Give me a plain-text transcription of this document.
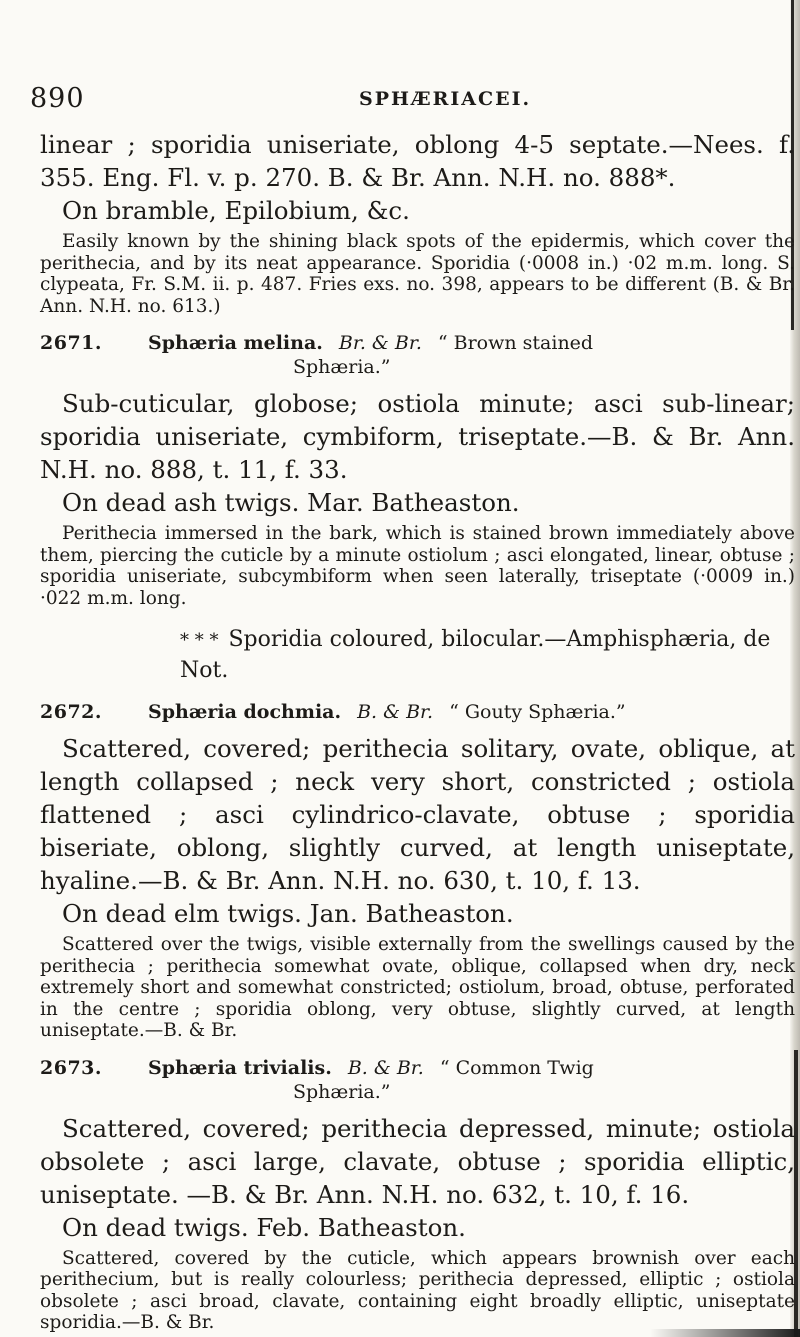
890	SPHÆRIACEI.

linear ; sporidia uniseriate, oblong 4-5 septate.—Nees. f. 355. Eng. Fl. v. p. 270. B. & Br. Ann. N.H. no. 888*.

On bramble, Epilobium, &c.

Easily known by the shining black spots of the epidermis, which cover the perithecia, and by its neat appearance. Sporidia (·0008 in.) ·02 m.m. long. S. clypeata, Fr. S.M. ii. p. 487. Fries exs. no. 398, appears to be different (B. & Br. Ann. N.H. no. 613.)

2671. Sphæria melina. Br. & Br. “ Brown stained
Sphæria.”

Sub-cuticular, globose; ostiola minute; asci sub-linear; sporidia uniseriate, cymbiform, triseptate.—B. & Br. Ann. N.H. no. 888, t. 11, f. 33.

On dead ash twigs. Mar. Batheaston.

Perithecia immersed in the bark, which is stained brown immediately above them, piercing the cuticle by a minute ostiolum ; asci elongated, linear, obtuse ; sporidia uniseriate, subcymbiform when seen laterally, triseptate (·0009 in.) ·022 m.m. long.

* * * Sporidia coloured, bilocular.—Amphisphæria, de Not.
2672. Sphæria dochmia. B. & Br. “ Gouty Sphæria.”

Scattered, covered; perithecia solitary, ovate, oblique, at length collapsed ; neck very short, constricted ; ostiola flattened ; asci cylindrico-clavate, obtuse ; sporidia biseriate, oblong, slightly curved, at length uniseptate, hyaline.—B. & Br. Ann. N.H. no. 630, t. 10, f. 13.

On dead elm twigs. Jan. Batheaston.

Scattered over the twigs, visible externally from the swellings caused by the perithecia ; perithecia somewhat ovate, oblique, collapsed when dry, neck extremely short and somewhat constricted; ostiolum, broad, obtuse, perforated in the centre ; sporidia oblong, very obtuse, slightly curved, at length uniseptate.—B. & Br.

2673. Sphæria trivialis. B. & Br. “ Common Twig
Sphæria.”

Scattered, covered; perithecia depressed, minute; ostiola obsolete ; asci large, clavate, obtuse ; sporidia elliptic, uniseptate. —B. & Br. Ann. N.H. no. 632, t. 10, f. 16.

On dead twigs. Feb. Batheaston.

Scattered, covered by the cuticle, which appears brownish over each perithecium, but is really colourless; perithecia depressed, elliptic ; ostiola obsolete ; asci broad, clavate, containing eight broadly elliptic, uniseptate sporidia.—B. & Br.
